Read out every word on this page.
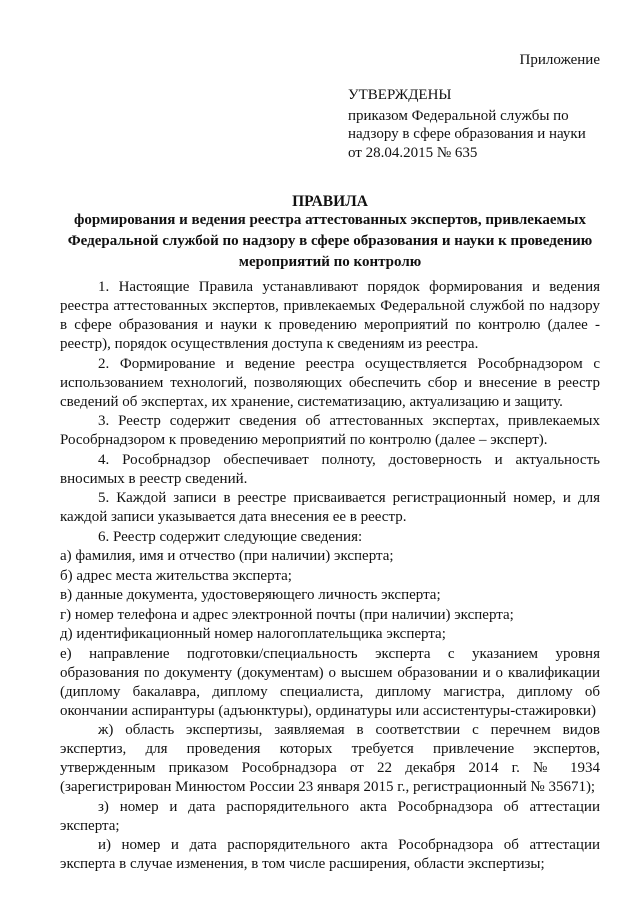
Приложение
УТВЕРЖДЕНЫ
приказом Федеральной службы по
надзору в сфере образования и науки
от 28.04.2015 № 635
ПРАВИЛА
формирования и ведения реестра аттестованных экспертов, привлекаемых
Федеральной службой по надзору в сфере образования и науки к проведению
мероприятий по контролю

1. Настоящие Правила устанавливают порядок формирования и ведения реестра аттестованных экспертов, привлекаемых Федеральной службой по надзору в сфере образования и науки к проведению мероприятий по контролю (далее - реестр), порядок осуществления доступа к сведениям из реестра.

2. Формирование и ведение реестра осуществляется Рособрнадзором с использованием технологий, позволяющих обеспечить сбор и внесение в реестр сведений об экспертах, их хранение, систематизацию, актуализацию и защиту.

3. Реестр содержит сведения об аттестованных экспертах, привлекаемых Рособрнадзором к проведению мероприятий по контролю (далее – эксперт).

4. Рособрнадзор обеспечивает полноту, достоверность и актуальность вносимых в реестр сведений.

5. Каждой записи в реестре присваивается регистрационный номер, и для каждой записи указывается дата внесения ее в реестр.

6. Реестр содержит следующие сведения:

а) фамилия, имя и отчество (при наличии) эксперта;

б) адрес места жительства эксперта;

в) данные документа, удостоверяющего личность эксперта;

г) номер телефона и адрес электронной почты (при наличии) эксперта;

д) идентификационный номер налогоплательщика эксперта;

е) направление подготовки/специальность эксперта с указанием уровня образования по документу (документам) о высшем образовании и о квалификации (диплому бакалавра, диплому специалиста, диплому магистра, диплому об окончании аспирантуры (адъюнктуры), ординатуры или ассистентуры-стажировки)

ж) область экспертизы, заявляемая в соответствии с перечнем видов экспертиз, для проведения которых требуется привлечение экспертов, утвержденным приказом Рособрнадзора от 22 декабря 2014 г. № 1934 (зарегистрирован Минюстом России 23 января 2015 г., регистрационный № 35671);

з) номер и дата распорядительного акта Рособрнадзора об аттестации эксперта;

и) номер и дата распорядительного акта Рособрнадзора об аттестации эксперта в случае изменения, в том числе расширения, области экспертизы;
